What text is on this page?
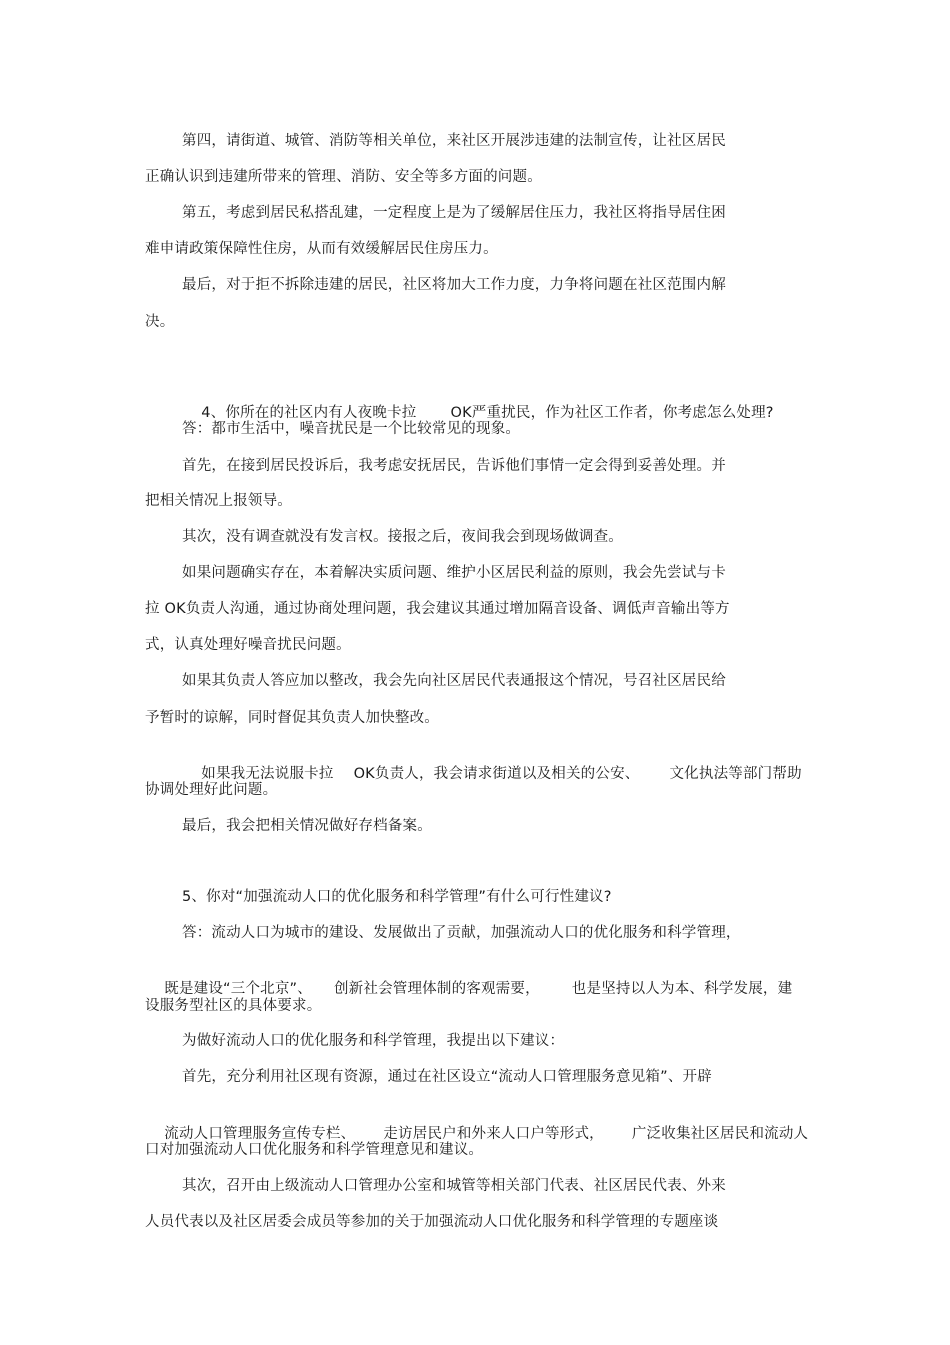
第四，请街道、城管、消防等相关单位，来社区开展涉违建的法制宣传，让社区居民
正确认识到违建所带来的管理、消防、安全等多方面的问题。
第五，考虑到居民私搭乱建，一定程度上是为了缓解居住压力，我社区将指导居住困
难申请政策保障性住房，从而有效缓解居民住房压力。
最后，对于拒不拆除违建的居民，社区将加大工作力度，力争将问题在社区范围内解
决。

4、你所在的社区内有人夜晚卡拉 OK严重扰民，作为社区工作者，你考虑怎么处理?

答：都市生活中，噪音扰民是一个比较常见的现象。
首先，在接到居民投诉后，我考虑安抚居民，告诉他们事情一定会得到妥善处理。并
把相关情况上报领导。
其次，没有调查就没有发言权。接报之后，夜间我会到现场做调查。
如果问题确实存在，本着解决实质问题、维护小区居民利益的原则，我会先尝试与卡
拉 OK负责人沟通，通过协商处理问题，我会建议其通过增加隔音设备、调低声音输出等方
式，认真处理好噪音扰民问题。
如果其负责人答应加以整改，我会先向社区居民代表通报这个情况，号召社区居民给
予暂时的谅解，同时督促其负责人加快整改。

如果我无法说服卡拉 OK负责人，我会请求街道以及相关的公安、 文化执法等部门帮助

协调处理好此问题。
最后，我会把相关情况做好存档备案。
5、你对“加强流动人口的优化服务和科学管理”有什么可行性建议?
答：流动人口为城市的建设、发展做出了贡献，加强流动人口的优化服务和科学管理，

既是建设“三个北京”、 创新社会管理体制的客观需要， 也是坚持以人为本、科学发展，建

设服务型社区的具体要求。
为做好流动人口的优化服务和科学管理，我提出以下建议：
首先，充分利用社区现有资源，通过在社区设立“流动人口管理服务意见箱”、开辟

流动人口管理服务宣传专栏、 走访居民户和外来人口户等形式， 广泛收集社区居民和流动人

口对加强流动人口优化服务和科学管理意见和建议。
其次，召开由上级流动人口管理办公室和城管等相关部门代表、社区居民代表、外来
人员代表以及社区居委会成员等参加的关于加强流动人口优化服务和科学管理的专题座谈
